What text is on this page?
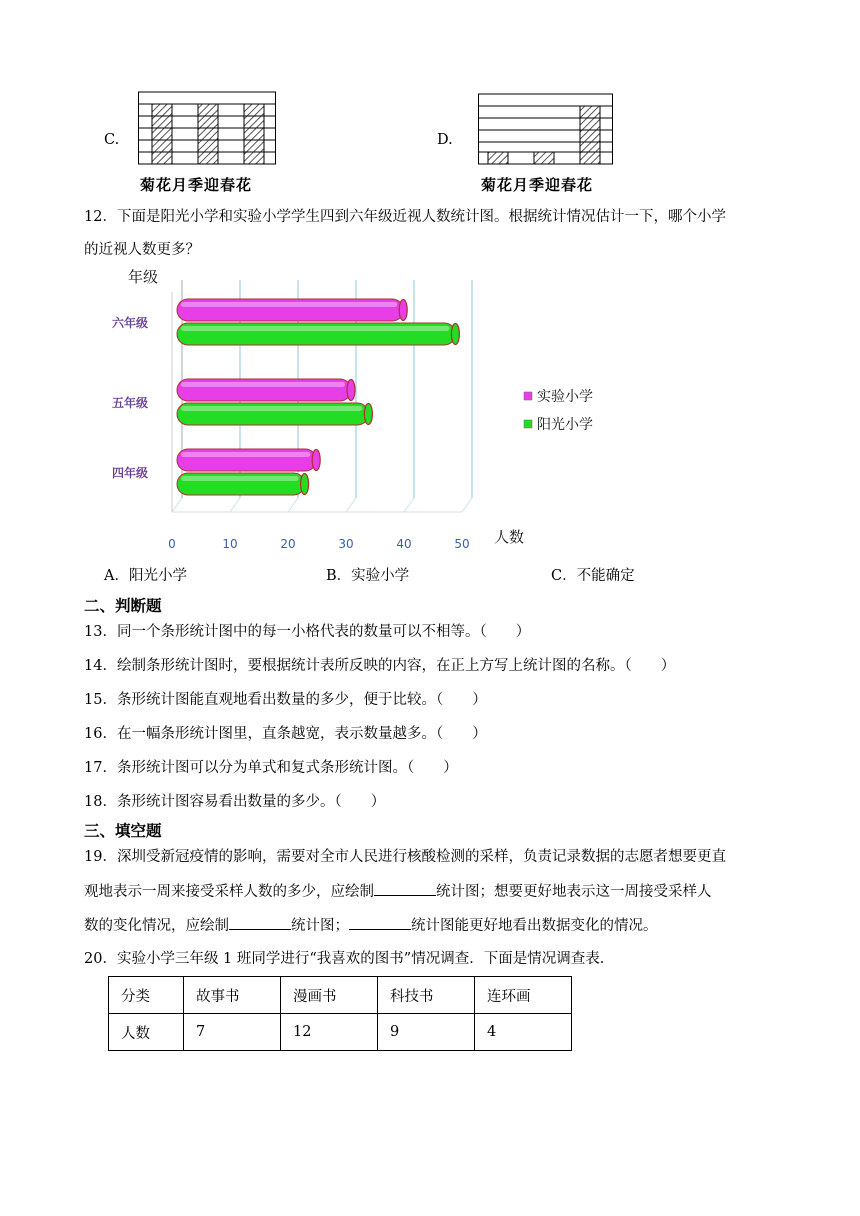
C.
菊花月季迎春花
D.
菊花月季迎春花
12．下面是阳光小学和实验小学学生四到六年级近视人数统计图。根据统计情况估计一下，哪个小学
的近视人数更多？
年级
六年级
五年级
四年级
0	10	20	30	40	50 人数
实验小学
阳光小学
A．阳光小学	B．实验小学	C．不能确定
二、判断题
13．同一个条形统计图中的每一小格代表的数量可以不相等。（　　）
14．绘制条形统计图时，要根据统计表所反映的内容，在正上方写上统计图的名称。（　　）
15．条形统计图能直观地看出数量的多少，便于比较。（　　）
16．在一幅条形统计图里，直条越宽，表示数量越多。（　　）
17．条形统计图可以分为单式和复式条形统计图。（　　）
18．条形统计图容易看出数量的多少。（　　）
三、填空题
19．深圳受新冠疫情的影响，需要对全市人民进行核酸检测的采样，负责记录数据的志愿者想要更直
观地表示一周来接受采样人数的多少，应绘制	统计图；想要更好地表示这一周接受采样人
数的变化情况，应绘制	统计图；	统计图能更好地看出数据变化的情况。
20．实验小学三年级 1 班同学进行“我喜欢的图书”情况调查．下面是情况调查表．
分类	故事书	漫画书	科技书	连环画
人数	7	12	9	4
